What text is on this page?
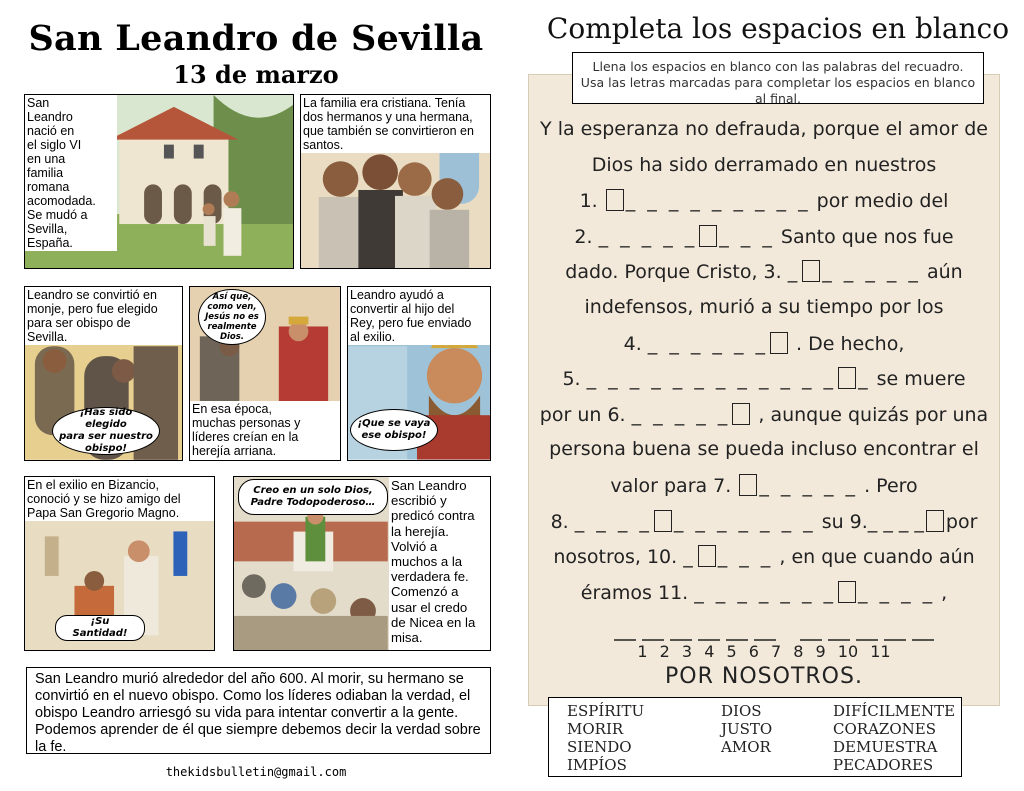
San Leandro de Sevilla
13 de marzo
San
Leandro
nació en
el siglo VI
en una
familia
romana
acomodada.
Se mudó a
Sevilla,
España.
La familia era cristiana. Tenía
dos hermanos y una hermana,
que también se convirtieron en
santos.
Leandro se convirtió en
monje, pero fue elegido
para ser obispo de
Sevilla.
¡Has sido elegido
para ser nuestro
obispo!
Así que,
como ven,
Jesús no es
realmente
Dios.
En esa época,
muchas personas y
líderes creían en la
herejía arriana.
Leandro ayudó a
convertir al hijo del
Rey, pero fue enviado
al exilio.
¡Que se vaya
ese obispo!
En el exilio en Bizancio,
conoció y se hizo amigo del
Papa San Gregorio Magno.
¡Su Santidad!
Creo en un solo Dios,
Padre Todopoderoso…
San Leandro
escribió y
predicó contra
la herejía.
Volvió a
muchos a la
verdadera fe.
Comenzó a
usar el credo
de Nicea en la
misa.
San Leandro murió alrededor del año 600. Al morir, su hermano se convirtió en el nuevo obispo. Como los líderes odiaban la verdad, el obispo Leandro arriesgó su vida para intentar convertir a la gente. Podemos aprender de él que siempre debemos decir la verdad sobre la fe.
thekidsbulletin@gmail.com
Completa los espacios en blanco
Llena los espacios en blanco con las palabras del recuadro. Usa las letras marcadas para completar los espacios en blanco al final.
Y la esperanza no defrauda, porque el amor de
Dios ha sido derramado en nuestros
1. _ _ _ _ _ _ _ _ _ por medio del
2. _ _ _ _ _ _ _ _ Santo que nos fue
dado. Porque Cristo, 3. _ _ _ _ _ _ aún
indefensos, murió a su tiempo por los
4. _ _ _ _ _ _ . De hecho,
5. _ _ _ _ _ _ _ _ _ _ _ _ _ se muere
por un 6. _ _ _ _ _ , aunque quizás por una
persona buena se pueda incluso encontrar el
valor para 7. _ _ _ _ _ . Pero
8. _ _ _ _ _ _ _ _ _ _ _ su 9._ _ _ _ por
nosotros, 10. _ _ _ _ , en que cuando aún
éramos 11. _ _ _ _ _ _ _ _ _ _ _ ,
1 2 3 4 5 6 7 8 9 10 11
POR NOSOTROS.
ESPÍRITU
MORIR
SIENDO
IMPÍOS
DIOS
JUSTO
AMOR
DIFÍCILMENTE
CORAZONES
DEMUESTRA
PECADORES
